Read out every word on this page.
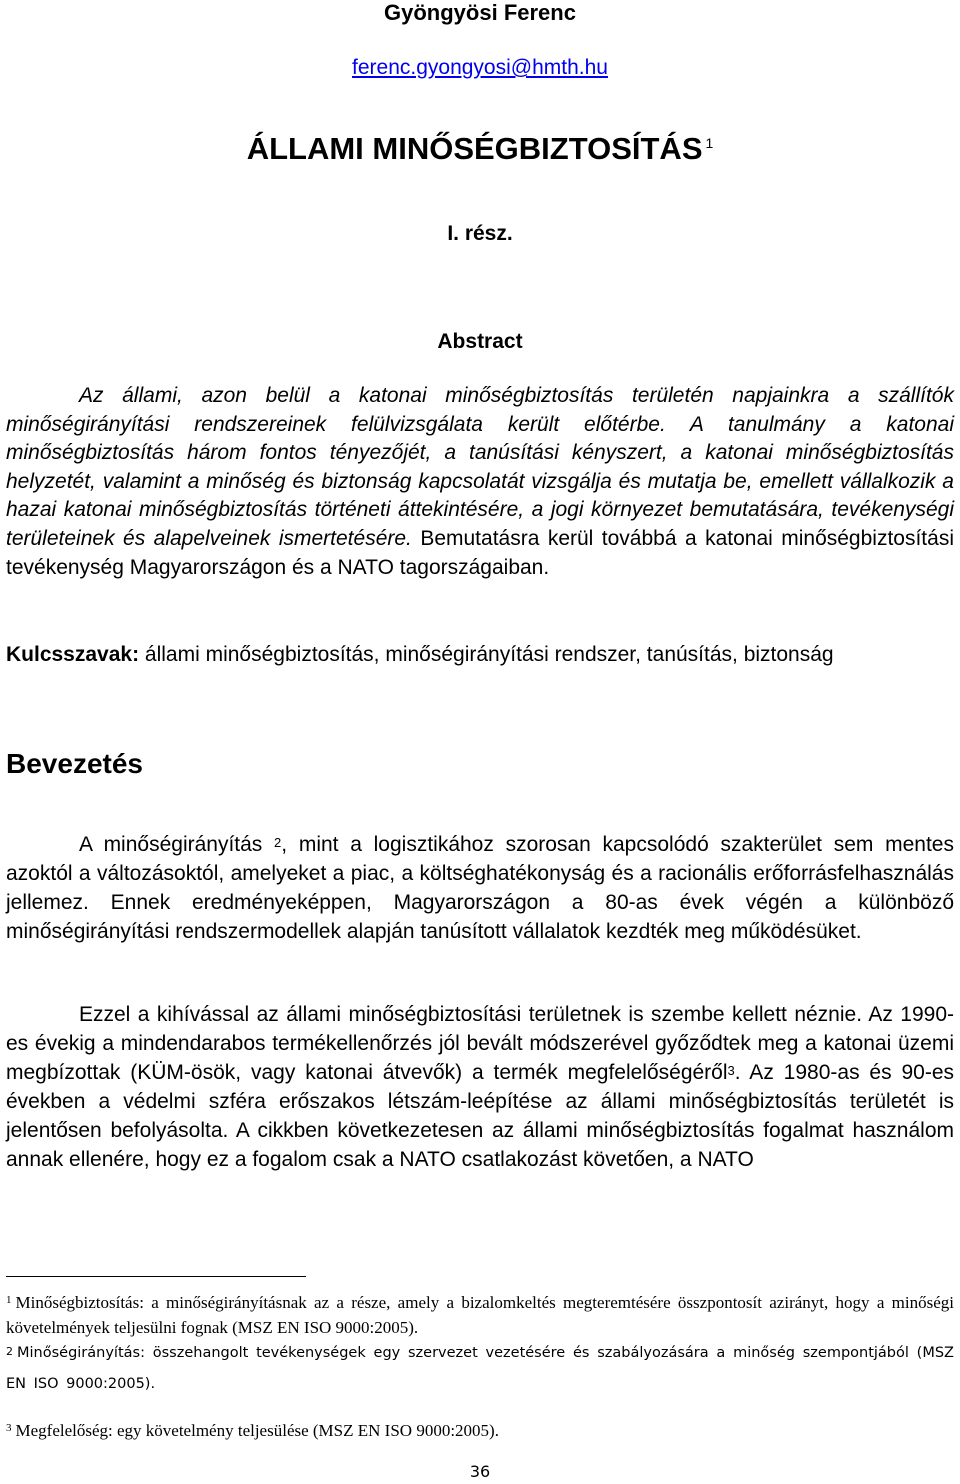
Gyöngyösi Ferenc
ferenc.gyongyosi@hmth.hu
ÁLLAMI MINŐSÉGBIZTOSÍTÁS $^1$
I. rész.
Abstract

Az állami, azon belül a katonai minőségbiztosítás területén napjainkra a szállítók minőségirányítási rendszereinek felülvizsgálata került előtérbe. A tanulmány a katonai minőségbiztosítás három fontos tényezőjét, a tanúsítási kényszert, a katonai minőségbiztosítás helyzetét, valamint a minőség és biztonság kapcsolatát vizsgálja és mutatja be, emellett vállalkozik a hazai katonai minőségbiztosítás történeti áttekintésére, a jogi környezet bemutatására, tevékenységi területeinek és alapelveinek ismertetésére. Bemutatásra kerül továbbá a katonai minőségbiztosítási tevékenység Magyarországon és a NATO tagországaiban.

Kulcsszavak: állami minőségbiztosítás, minőségirányítási rendszer, tanúsítás, biztonság

Bevezetés

A minőségirányítás $^2$, mint a logisztikához szorosan kapcsolódó szakterület sem mentes azoktól a változásoktól, amelyeket a piac, a költséghatékonyság és a racionális erőforrásfelhasználás jellemez. Ennek eredményeképpen, Magyarországon a 80-as évek végén a különböző minőségirányítási rendszermodellek alapján tanúsított vállalatok kezdték meg működésüket.

Ezzel a kihívással az állami minőségbiztosítási területnek is szembe kellett néznie. Az 1990-es évekig a mindendarabos termékellenőrzés jól bevált módszerével győződtek meg a katonai üzemi megbízottak (KÜM-ösök, vagy katonai átvevők) a termék megfelelőségéről$^3$. Az 1980-as és 90-es években a védelmi szféra erőszakos létszám-leépítése az állami minőségbiztosítás területét is jelentősen befolyásolta. A cikkben következetesen az állami minőségbiztosítás fogalmat használom annak ellenére, hogy ez a fogalom csak a NATO csatlakozást követően, a NATO

$^1$ Minőségbiztosítás: a minőségirányításnak az a része, amely a bizalomkeltés megteremtésére összpontosít azirányt, hogy a minőségi követelmények teljesülni fognak (MSZ EN ISO 9000:2005).

$^2$ Minőségirányítás: összehangolt tevékenységek egy szervezet vezetésére és szabályozására a minőség szempontjából (MSZ EN ISO 9000:2005).

$^3$ Megfelelőség: egy követelmény teljesülése (MSZ EN ISO 9000:2005).

36
